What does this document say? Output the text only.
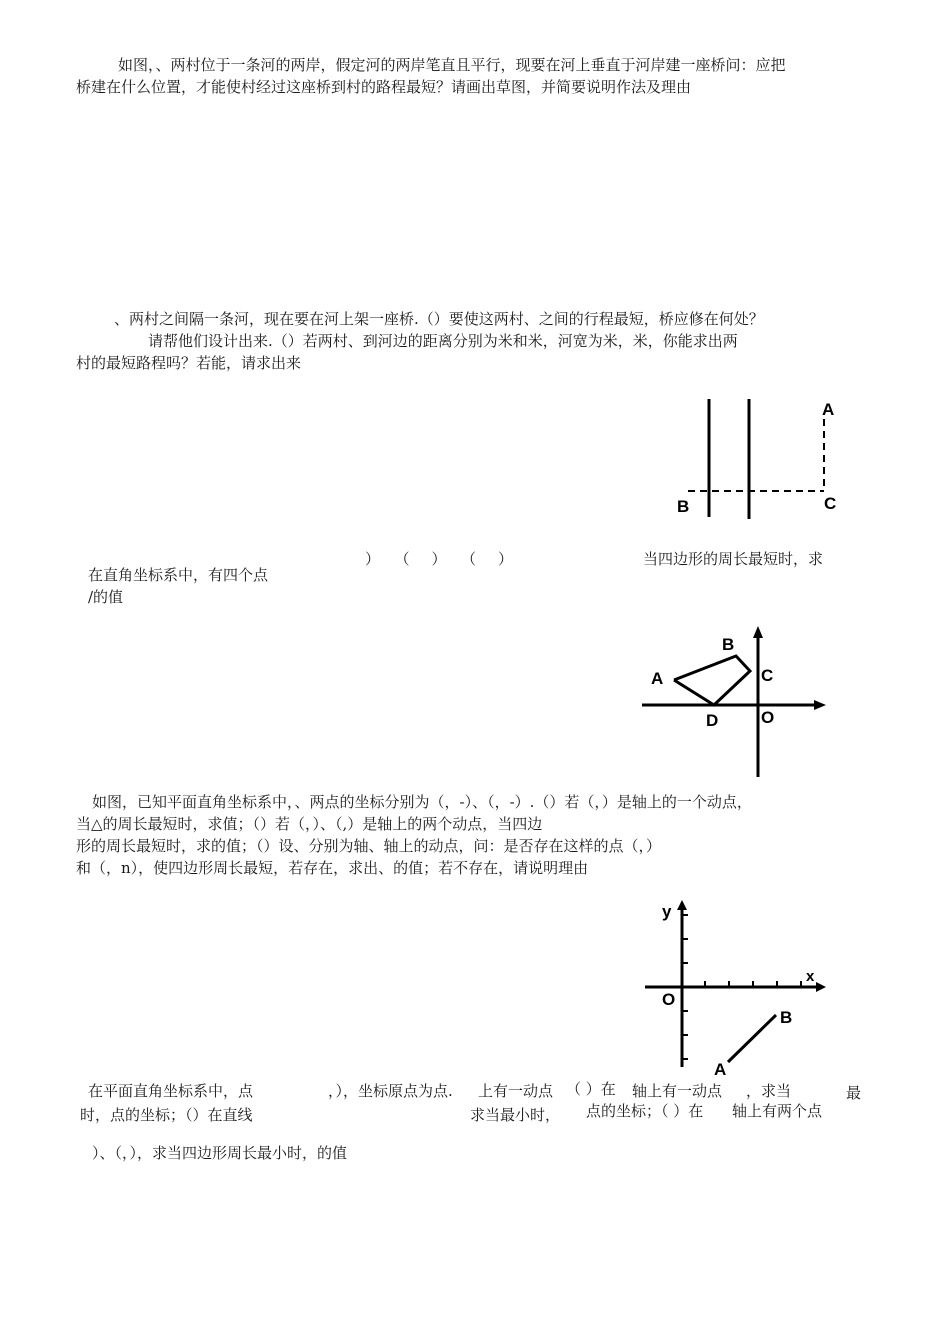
如图，、两村位于一条河的两岸，假定河的两岸笔直且平行，现要在河上垂直于河岸建一座桥问：应把
桥建在什么位置，才能使村经过这座桥到村的路程最短？请画出草图，并简要说明作法及理由
、两村之间隔一条河，现在要在河上架一座桥.（）要使这两村、之间的行程最短，桥应修在何处？
请帮他们设计出来.（）若两村、到河边的距离分别为米和米，河宽为米，米，你能求出两
村的最短路程吗？若能，请求出来
A
B	C
）（）（）	当四边形的周长最短时，求
在直角坐标系中，有四个点
/的值
A
B
C
D	O
如图，已知平面直角坐标系中，、两点的坐标分别为（，-）、（，-）.（）若（，）是轴上的一个动点，
当△的周长最短时，求值；（）若（，）、（,）是轴上的两个动点，当四边
形的周长最短时，求的值；（）设、分别为轴、轴上的动点，问：是否存在这样的点（，）
和（，n），使四边形周长最短，若存在，求出、的值；若不存在，请说明理由
y
x
O
A
B
在平面直角坐标系中，点	，），坐标原点为点. 上有一动点 （ ）在 轴上有一动点 ，求当	最
时，点的坐标；（）在直线	求当最小时， 点的坐标；（ ）在 轴上有两个点
）、（，），求当四边形周长最小时，的值
